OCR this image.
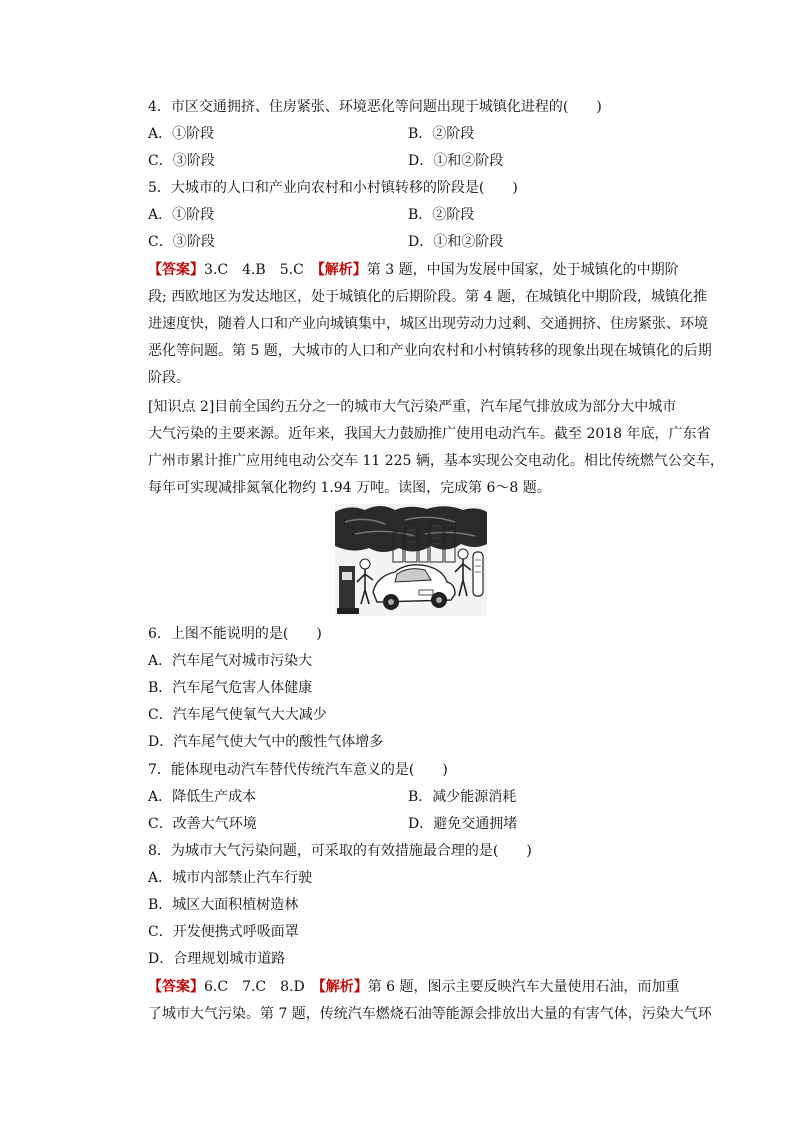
4．市区交通拥挤、住房紧张、环境恶化等问题出现于城镇化进程的(　　)
A．①阶段	B．②阶段
C．③阶段	D．①和②阶段
5．大城市的人口和产业向农村和小村镇转移的阶段是(　　)
A．①阶段	B．②阶段
C．③阶段	D．①和②阶段
【答案】3.C　4.B　5.C　【解析】第 3 题，中国为发展中国家，处于城镇化的中期阶
段; 西欧地区为发达地区，处于城镇化的后期阶段。第 4 题，在城镇化中期阶段，城镇化推
进速度快，随着人口和产业向城镇集中，城区出现劳动力过剩、交通拥挤、住房紧张、环境
恶化等问题。第 5 题，大城市的人口和产业向农村和小村镇转移的现象出现在城镇化的后期
阶段。
[知识点 2]目前全国约五分之一的城市大气污染严重，汽车尾气排放成为部分大中城市
大气污染的主要来源。近年来，我国大力鼓励推广使用电动汽车。截至 2018 年底，广东省
广州市累计推广应用纯电动公交车 11 225 辆，基本实现公交电动化。相比传统燃气公交车，
每年可实现减排氮氧化物约 1.94 万吨。读图，完成第 6～8 题。
6．上图不能说明的是(　　)
A．汽车尾气对城市污染大
B．汽车尾气危害人体健康
C．汽车尾气使氧气大大减少
D．汽车尾气使大气中的酸性气体增多
7．能体现电动汽车替代传统汽车意义的是(　　)
A．降低生产成本	B．减少能源消耗
C．改善大气环境	D．避免交通拥堵
8．为城市大气污染问题，可采取的有效措施最合理的是(　　)
A．城市内部禁止汽车行驶
B．城区大面积植树造林
C．开发便携式呼吸面罩
D．合理规划城市道路
【答案】6.C　7.C　8.D　【解析】第 6 题，图示主要反映汽车大量使用石油，而加重
了城市大气污染。第 7 题，传统汽车燃烧石油等能源会排放出大量的有害气体，污染大气环
